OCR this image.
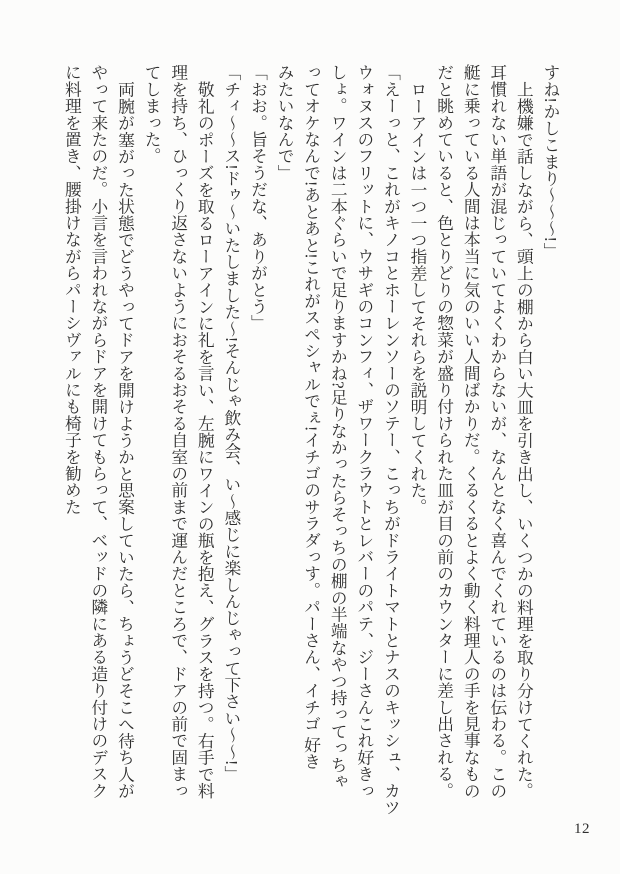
すね!かしこまり〜〜〜!」

上機嫌で話しながら、頭上の棚から白い大皿を引き出し、いくつかの料理を取り分けてくれた。

耳慣れない単語が混じっていてよくわからないが、なんとなく喜んでくれているのは伝わる。この

艇に乗っている人間は本当に気のいい人間ばかりだ。くるくるとよく動く料理人の手を見事なもの

だと眺めていると、色とりどりの惣菜が盛り付けられた皿が目の前のカウンターに差し出される。

ローアインは一つ一つ指差してそれらを説明してくれた。

「えーっと、これがキノコとホーレンソーのソテー、こっちがドライトマトとナスのキッシュ、カツ

ウォヌスのフリットに、ウサギのコンフィ、ザワークラウトとレバーのパテ、ジーさんこれ好きっ

しょ。ワインは二本ぐらいで足りますかね?足りなかったらそっちの棚の半端なやつ持ってっちゃ

ってオケなんで!あとあと!これがスペシャルでぇ!イチゴのサラダっす。パーさん、イチゴ 好き

みたいなんで」

「おお。旨そうだな、ありがとう」

「チィ〜〜ス!ドゥ〜いたしました〜!そんじゃ飲み会、い〜感じに楽しんじゃって下さい〜〜!」

敬礼のポーズを取るローアインに礼を言い、左腕にワインの瓶を抱え、グラスを持つ。右手で料

理を持ち、ひっくり返さないようにおそるおそる自室の前まで運んだところで、ドアの前で固まっ

てしまった。

両腕が塞がった状態でどうやってドアを開けようかと思案していたら、ちょうどそこへ待ち人が

やって来たのだ。小言を言われながらドアを開けてもらって、ベッドの隣にある造り付けのデスク

に料理を置き、腰掛けながらパーシヴァルにも椅子を勧めた

12
